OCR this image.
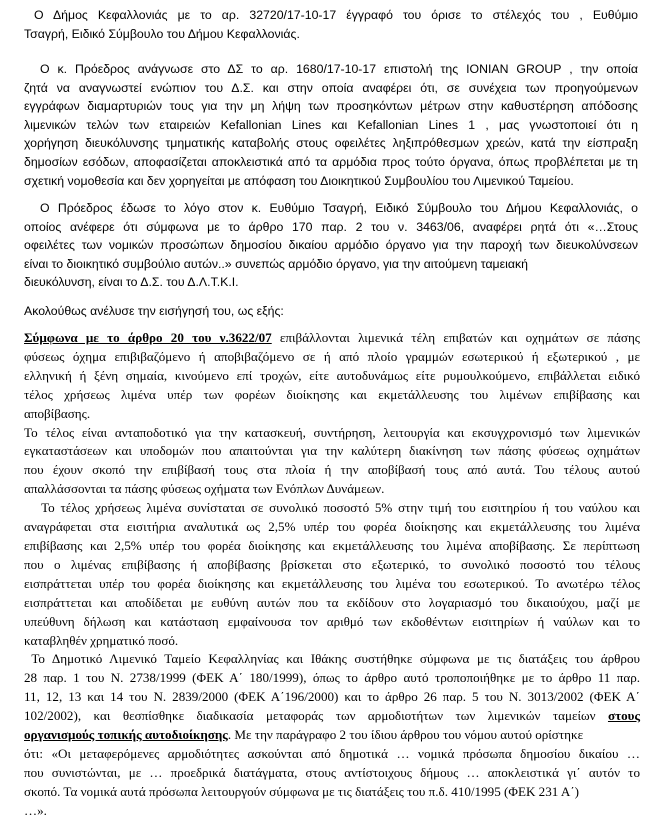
Ο Δήμος Κεφαλλονιάς με το αρ. 32720/17-10-17 έγγραφό του όρισε το στέλεχός του , Ευθύμιο
Τσαγρή, Ειδικό Σύμβουλο του Δήμου Κεφαλλονιάς.
Ο κ. Πρόεδρος ανάγνωσε στο ΔΣ το αρ. 1680/17-10-17 επιστολή της IONIAN GROUP , την οποία
ζητά να αναγνωστεί ενώπιον του Δ.Σ. και στην οποία αναφέρει ότι, σε συνέχεια των προηγούμενων
εγγράφων διαμαρτυριών τους για την μη λήψη των προσηκόντων μέτρων στην καθυστέρηση απόδοσης
λιμενικών τελών των εταιρειών Kefallonian Lines και Kefallonian Lines 1 , μας γνωστοποιεί ότι η
χορήγηση διευκόλυνσης τμηματικής καταβολής στους οφειλέτες ληξιπρόθεσμων χρεών, κατά την είσπραξη
δημοσίων εσόδων, αποφασίζεται αποκλειστικά από τα αρμόδια προς τούτο όργανα, όπως προβλέπεται με τη
σχετική νομοθεσία και δεν χορηγείται με απόφαση του Διοικητικού Συμβουλίου του Λιμενικού Ταμείου.
Ο Πρόεδρος έδωσε το λόγο στον κ. Ευθύμιο Τσαγρή, Ειδικό Σύμβουλο του Δήμου Κεφαλλονιάς, ο
οποίος ανέφερε ότι σύμφωνα με το άρθρο 170 παρ. 2 του ν. 3463/06, αναφέρει ρητά ότι «…Στους
οφειλέτες των νομικών προσώπων δημοσίου δικαίου αρμόδιο όργανο για την παροχή των διευκολύνσεων
είναι το διοικητικό συμβούλιο αυτών..» συνεπώς αρμόδιο όργανο, για την αιτούμενη ταμειακή
διευκόλυνση, είναι το Δ.Σ. του Δ.Λ.Τ.Κ.Ι.
Ακολούθως ανέλυσε την εισήγησή του, ως εξής:
Σύμφωνα με το άρθρο 20 του ν.3622/07 επιβάλλονται λιμενικά τέλη επιβατών και οχημάτων σε πάσης
φύσεως όχημα επιβιβαζόμενο ή αποβιβαζόμενο σε ή από πλοίο γραμμών εσωτερικού ή εξωτερικού , με
ελληνική ή ξένη σημαία, κινούμενο επί τροχών, είτε αυτοδυνάμως είτε ρυμουλκούμενο, επιβάλλεται ειδικό
τέλος χρήσεως λιμένα υπέρ των φορέων διοίκησης και εκμετάλλευσης του λιμένων επιβίβασης και
αποβίβασης.
Το τέλος είναι ανταποδοτικό για την κατασκευή, συντήρηση, λειτουργία και εκσυγχρονισμό των λιμενικών
εγκαταστάσεων και υποδομών που απαιτούνται για την καλύτερη διακίνηση των πάσης φύσεως οχημάτων
που έχουν σκοπό την επιβίβασή τους στα πλοία ή την αποβίβασή τους από αυτά. Του τέλους αυτού
απαλλάσσονται τα πάσης φύσεως οχήματα των Ενόπλων Δυνάμεων.
Το τέλος χρήσεως λιμένα συνίσταται σε συνολικό ποσοστό 5% στην τιμή του εισιτηρίου ή του ναύλου και
αναγράφεται στα εισιτήρια αναλυτικά ως 2,5% υπέρ του φορέα διοίκησης και εκμετάλλευσης του λιμένα
επιβίβασης και 2,5% υπέρ του φορέα διοίκησης και εκμετάλλευσης του λιμένα αποβίβασης. Σε περίπτωση
που ο λιμένας επιβίβασης ή αποβίβασης βρίσκεται στο εξωτερικό, το συνολικό ποσοστό του τέλους
εισπράττεται υπέρ του φορέα διοίκησης και εκμετάλλευσης του λιμένα του εσωτερικού. Το ανωτέρω τέλος
εισπράττεται και αποδίδεται με ευθύνη αυτών που τα εκδίδουν στο λογαριασμό του δικαιούχου, μαζί με
υπεύθυνη δήλωση και κατάσταση εμφαίνουσα τον αριθμό των εκδοθέντων εισιτηρίων ή ναύλων και το
καταβληθέν χρηματικό ποσό.
Το Δημοτικό Λιμενικό Ταμείο Κεφαλληνίας και Ιθάκης συστήθηκε σύμφωνα με τις διατάξεις του άρθρου
28 παρ. 1 του Ν. 2738/1999 (ΦΕΚ Α΄ 180/1999), όπως το άρθρο αυτό τροποποιήθηκε με το άρθρο 11 παρ.
11, 12, 13 και 14 του Ν. 2839/2000 (ΦΕΚ Α΄196/2000) και το άρθρο 26 παρ. 5 του Ν. 3013/2002 (ΦΕΚ Α΄
102/2002), και θεσπίσθηκε διαδικασία μεταφοράς των αρμοδιοτήτων των λιμενικών ταμείων στους
οργανισμούς τοπικής αυτοδιοίκησης. Με την παράγραφο 2 του ίδιου άρθρου του νόμου αυτού ορίστηκε
ότι: «Οι μεταφερόμενες αρμοδιότητες ασκούνται από δημοτικά … νομικά πρόσωπα δημοσίου δικαίου …
που συνιστώνται, με … προεδρικά διατάγματα, στους αντίστοιχους δήμους … αποκλειστικά γι΄ αυτόν το
σκοπό. Τα νομικά αυτά πρόσωπα λειτουργούν σύμφωνα με τις διατάξεις του π.δ. 410/1995 (ΦΕΚ 231 Α΄)
…».
